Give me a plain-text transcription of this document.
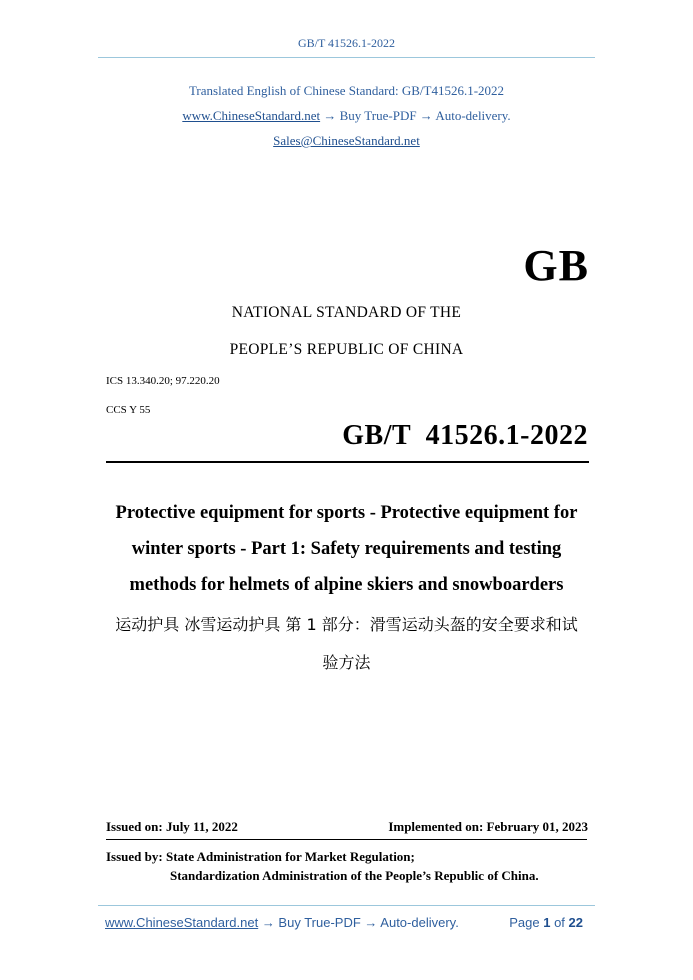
GB/T 41526.1-2022
Translated English of Chinese Standard: GB/T41526.1-2022
www.ChineseStandard.net → Buy True-PDF → Auto-delivery.
Sales@ChineseStandard.net
GB
NATIONAL STANDARD OF THE
PEOPLE’S REPUBLIC OF CHINA
ICS 13.340.20; 97.220.20
CCS Y 55
GB/T  41526.1-2022
Protective equipment for sports - Protective equipment for
winter sports - Part 1: Safety requirements and testing
methods for helmets of alpine skiers and snowboarders
运动护具 冰雪运动护具 第 1 部分：滑雪运动头盔的安全要求和试
验方法
Issued on: July 11, 2022	Implemented on: February 01, 2023
Issued by: State Administration for Market Regulation;
Standardization Administration of the People’s Republic of China.
www.ChineseStandard.net → Buy True-PDF → Auto-delivery.	Page 1 of 22
